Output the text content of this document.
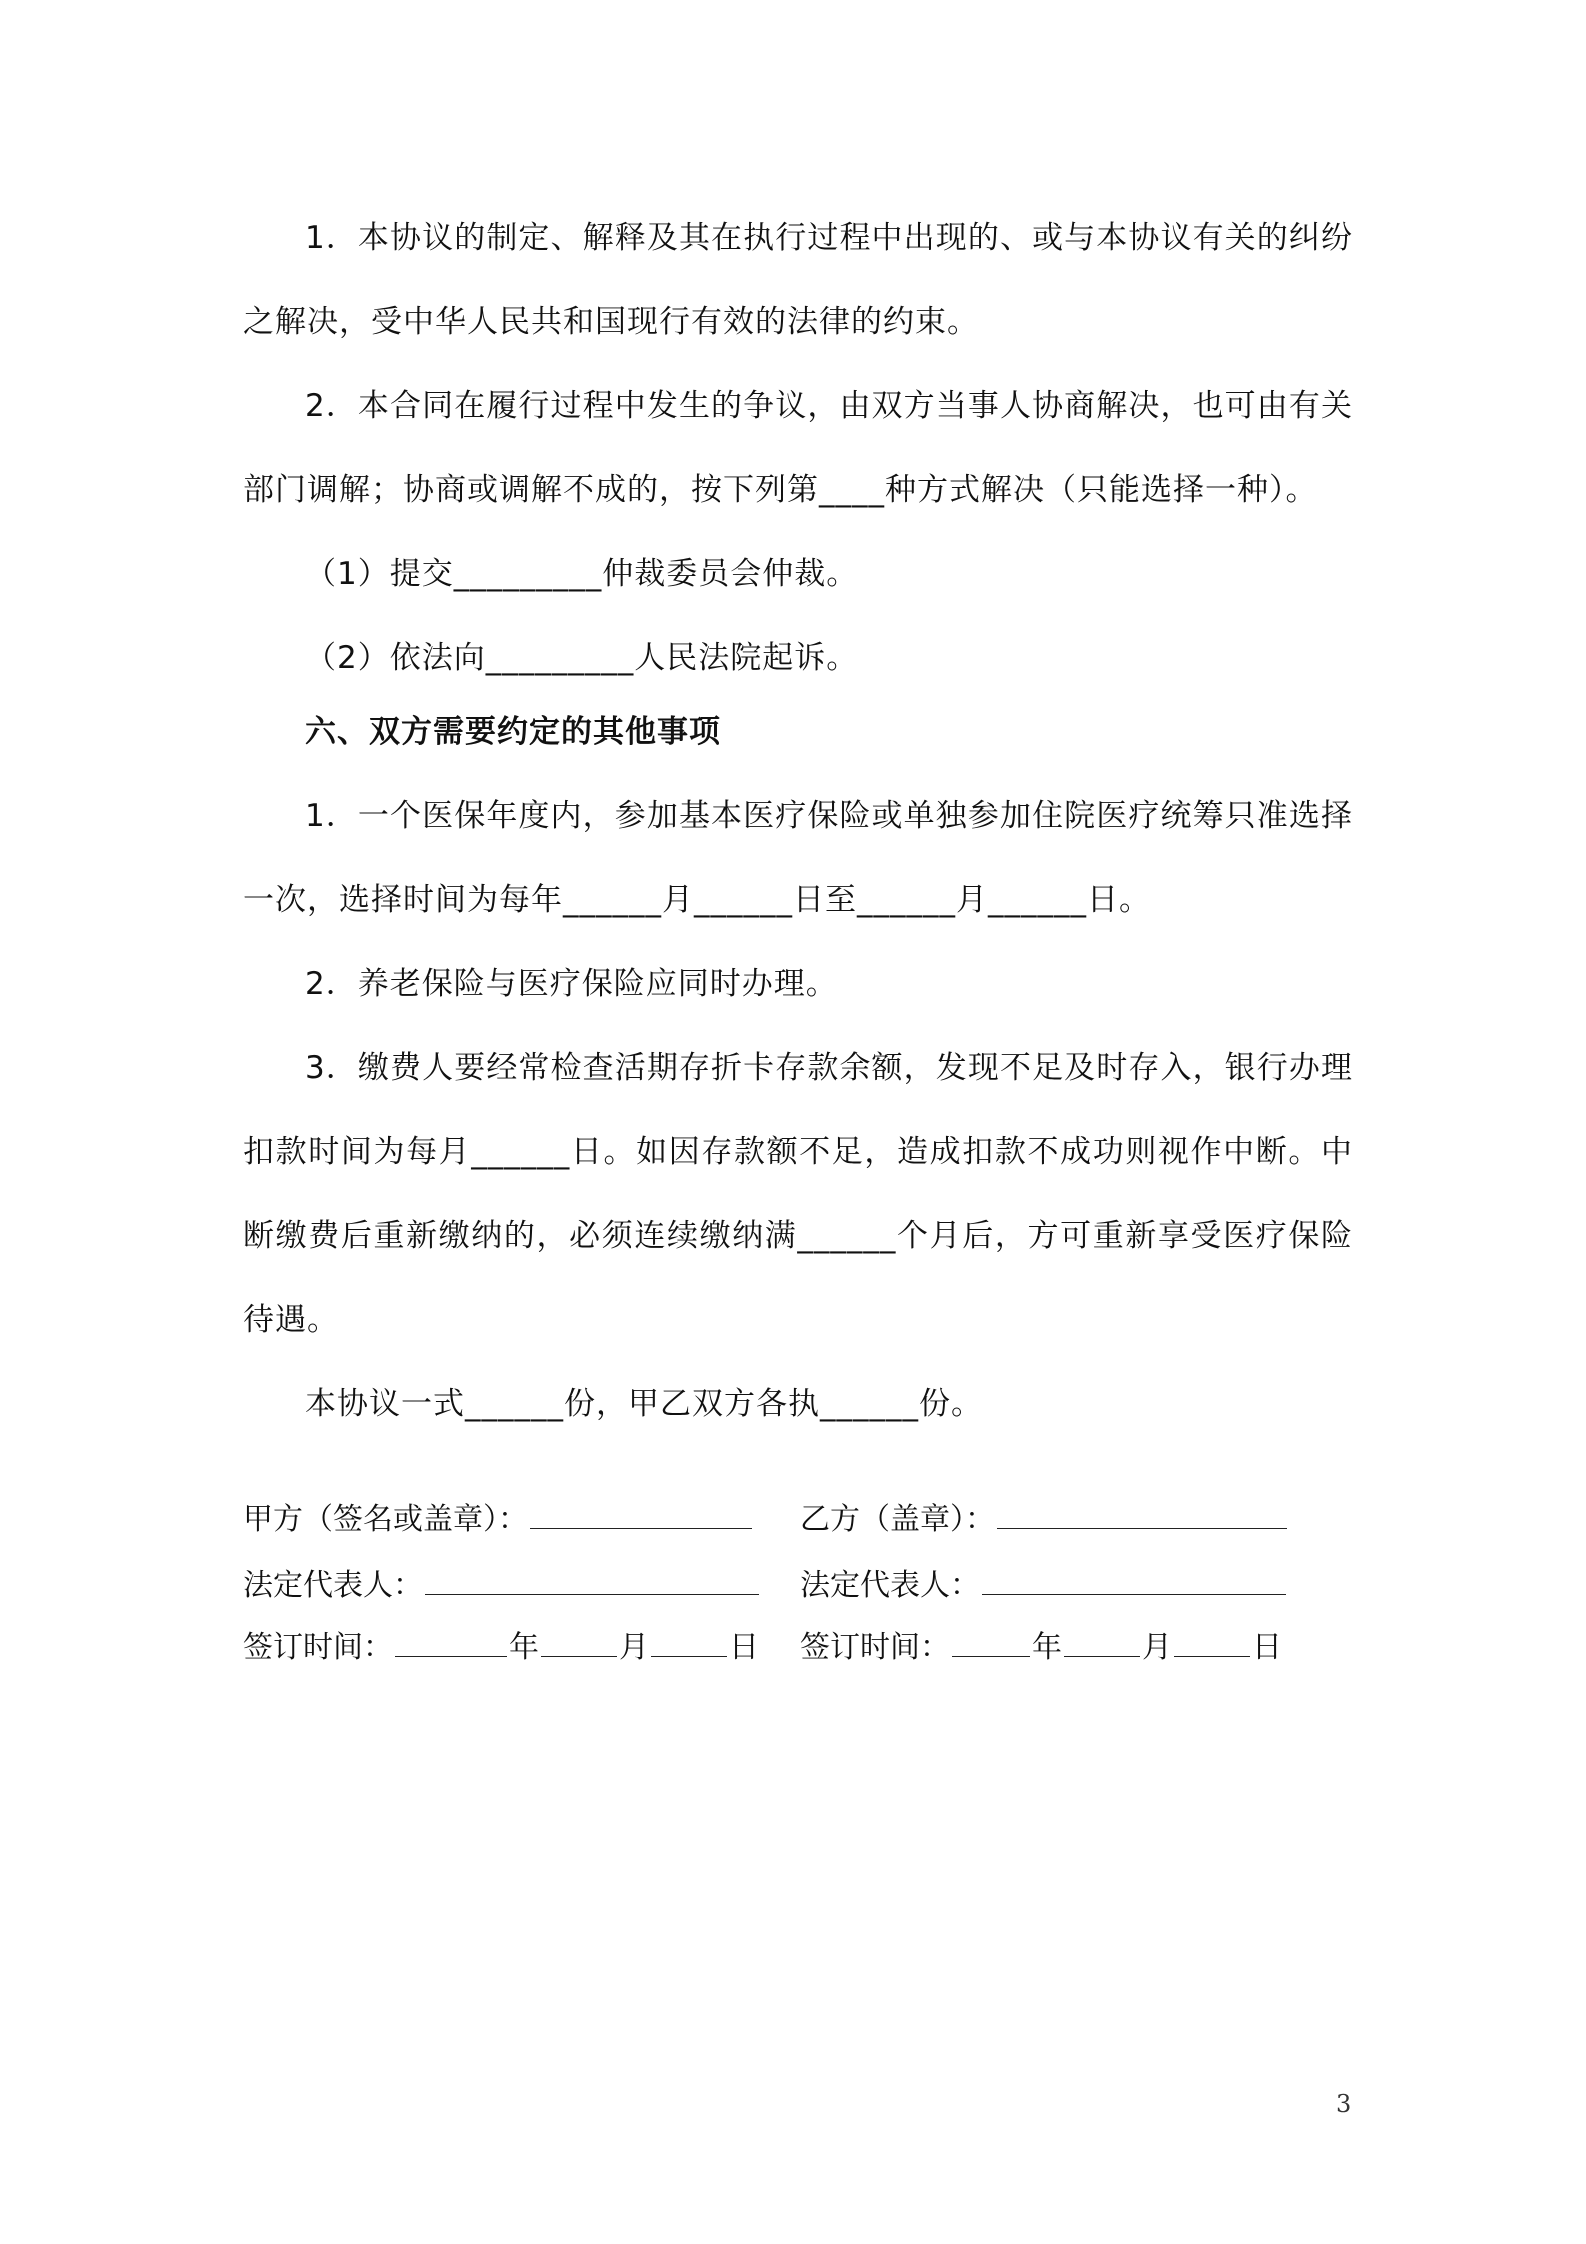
1．本协议的制定、解释及其在执行过程中出现的、或与本协议有关的纠纷之解决，受中华人民共和国现行有效的法律的约束。

2．本合同在履行过程中发生的争议，由双方当事人协商解决，也可由有关部门调解；协商或调解不成的，按下列第____种方式解决（只能选择一种）。

（1）提交_________仲裁委员会仲裁。

（2）依法向_________人民法院起诉。

六、双方需要约定的其他事项

1．一个医保年度内，参加基本医疗保险或单独参加住院医疗统筹只准选择一次，选择时间为每年______月______日至______月______日。

2．养老保险与医疗保险应同时办理。

3．缴费人要经常检查活期存折卡存款余额，发现不足及时存入，银行办理扣款时间为每月______日。如因存款额不足，造成扣款不成功则视作中断。中断缴费后重新缴纳的，必须连续缴纳满______个月后，方可重新享受医疗保险待遇。

本协议一式______份，甲乙双方各执______份。

甲方（签名或盖章）：	乙方（盖章）：
法定代表人：	法定代表人：
签订时间：	年	月	日 签订时间：	年	月	日
3
